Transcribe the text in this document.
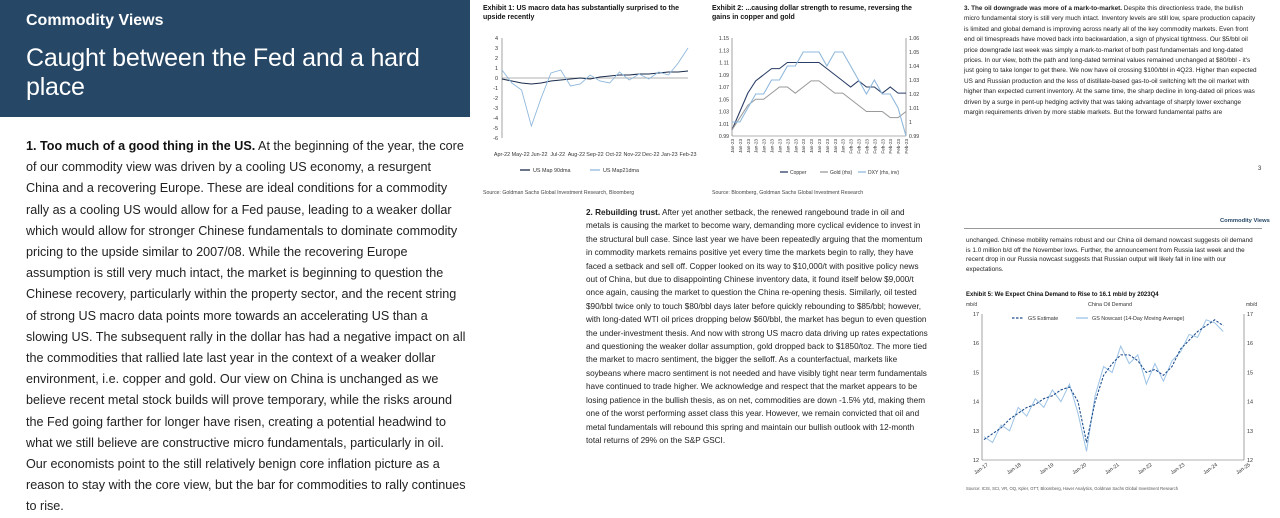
Commodity Views
Caught between the Fed and a hard place
1. Too much of a good thing in the US. At the beginning of the year, the core of our commodity view was driven by a cooling US economy, a resurgent China and a recovering Europe. These are ideal conditions for a commodity rally as a cooling US would allow for a Fed pause, leading to a weaker dollar which would allow for stronger Chinese fundamentals to dominate commodity pricing to the upside similar to 2007/08. While the recovering Europe assumption is still very much intact, the market is beginning to question the Chinese recovery, particularly within the property sector, and the recent string of strong US macro data points more towards an accelerating US than a slowing US. The subsequent rally in the dollar has had a negative impact on all the commodities that rallied late last year in the context of a weaker dollar environment, i.e. copper and gold. Our view on China is unchanged as we believe recent metal stock builds will prove temporary, while the risks around the Fed going farther for longer have risen, creating a potential headwind to what we still believe are constructive micro fundamentals, particularly in oil. Our economists point to the still relatively benign core inflation picture as a reason to stay with the core view, but the bar for commodities to rally continues to rise.
Exhibit 1: US macro data has substantially surprised to the upside recently
4
3
2
1
0
-1
-2
-3
-4
-5
-6
Apr-22 May-22 Jun-22 Jul-22 Aug-22 Sep-22 Oct-22 Nov-22 Dec-22 Jan-23 Feb-23
US Map 90dma	US Map21dma
Source: Goldman Sachs Global Investment Research, Bloomberg
Exhibit 2: ...causing dollar strength to resume, reversing the gains in copper and gold
1.15
1.13
1.11
1.09
1.07
1.05
1.03
1.01
0.99
1.06
1.05
1.04
1.03
1.02
1.01
1
0.99
Jan-23 Jan-23 Jan-23 Jan-23 Jan-23 Jan-23 Jan-23 Jan-23 Jan-23 Jan-23 Jan-23 Jan-23 Jan-23 Jan-23 Jan-23 Feb-23 Feb-23 Feb-23 Feb-23 Feb-23 Feb-23 Feb-23 Feb-23
Copper	Gold (rhs)	DXY (rhs, inv)
Source: Bloomberg, Goldman Sachs Global Investment Research
2. Rebuilding trust. After yet another setback, the renewed rangebound trade in oil and metals is causing the market to become wary, demanding more cyclical evidence to invest in the structural bull case. Since last year we have been repeatedly arguing that the momentum in commodity markets remains positive yet every time the markets begin to rally, they have faced a setback and sell off. Copper looked on its way to $10,000/t with positive policy news out of China, but due to disappointing Chinese inventory data, it found itself below $9,000/t once again, causing the market to question the China re-opening thesis. Similarly, oil tested $90/bbl twice only to touch $80/bbl days later before quickly rebounding to $85/bbl; however, with long-dated WTI oil prices dropping below $60/bbl, the market has begun to even question the under-investment thesis. And now with strong US macro data driving up rates expectations and questioning the weaker dollar assumption, gold dropped back to $1850/toz. The more tied the market to macro sentiment, the bigger the selloff. As a counterfactual, markets like soybeans where macro sentiment is not needed and have visibly tight near term fundamentals have continued to trade higher. We acknowledge and respect that the market appears to be losing patience in the bullish thesis, as on net, commodities are down -1.5% ytd, making them one of the worst performing asset class this year. However, we remain convicted that oil and metal fundamentals will rebound this spring and maintain our bullish outlook with 12-month total returns of 29% on the S&P GSCI.
3. The oil downgrade was more of a mark-to-market. Despite this directionless trade, the bullish micro fundamental story is still very much intact. Inventory levels are still low, spare production capacity is limited and global demand is improving across nearly all of the key commodity markets. Even front end oil timespreads have moved back into backwardation, a sign of physical tightness. Our $5/bbl oil price downgrade last week was simply a mark-to-market of both past fundamentals and long-dated prices. In our view, both the path and long-dated terminal values remained unchanged at $80/bbl - it's just going to take longer to get there. We now have oil crossing $100/bbl in 4Q23. Higher than expected US and Russian production and the less of distillate-based gas-to-oil switching left the oil market with higher than expected current inventory. At the same time, the sharp decline in long-dated oil prices was driven by a surge in pent-up hedging activity that was taking advantage of sharply lower exchange margin requirements driven by more stable markets. But the forward fundamental paths are
3
Commodity Views
unchanged. Chinese mobility remains robust and our China oil demand nowcast suggests oil demand is 1.0 million b/d off the November lows. Further, the announcement from Russia last week and the recent drop in our Russia nowcast suggests that Russian output will likely fall in line with our expectations.
Exhibit 5: We Expect China Demand to Rise to 16.1 mb/d by 2023Q4
mb/d	mb/d
China Oil Demand
17	17
16	16
15	15
14	14
13	13
12	12
Jan-17	Jan-18	Jan-19	Jan-20	Jan-21	Jan-22	Jan-23	Jan-24	Jan-25
GS Estimate	GS Nowcast (14-Day Moving Average)
Source: ICIS, SCI, VR, OQ, Kpler, GTT, Bloomberg, Haver Analytics, Goldman Sachs Global Investment Research
